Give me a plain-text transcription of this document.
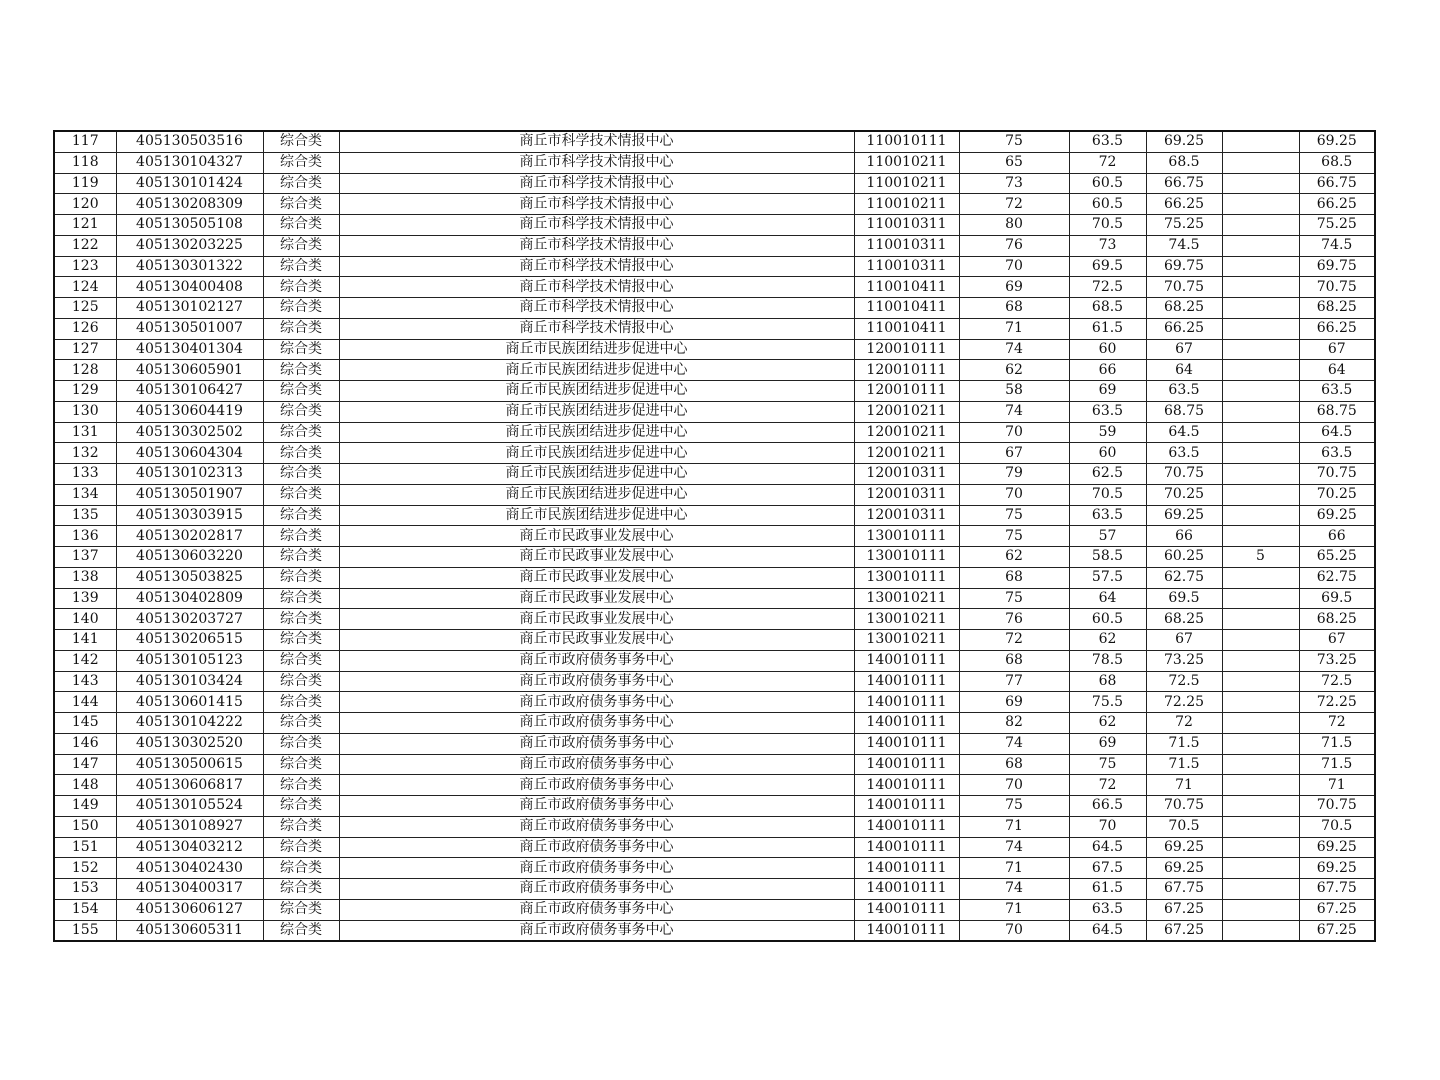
117	405130503516	综合类	商丘市科学技术情报中心	110010111	75	63.5	69.25		69.25
118	405130104327	综合类	商丘市科学技术情报中心	110010211	65	72	68.5		68.5
119	405130101424	综合类	商丘市科学技术情报中心	110010211	73	60.5	66.75		66.75
120	405130208309	综合类	商丘市科学技术情报中心	110010211	72	60.5	66.25		66.25
121	405130505108	综合类	商丘市科学技术情报中心	110010311	80	70.5	75.25		75.25
122	405130203225	综合类	商丘市科学技术情报中心	110010311	76	73	74.5		74.5
123	405130301322	综合类	商丘市科学技术情报中心	110010311	70	69.5	69.75		69.75
124	405130400408	综合类	商丘市科学技术情报中心	110010411	69	72.5	70.75		70.75
125	405130102127	综合类	商丘市科学技术情报中心	110010411	68	68.5	68.25		68.25
126	405130501007	综合类	商丘市科学技术情报中心	110010411	71	61.5	66.25		66.25
127	405130401304	综合类	商丘市民族团结进步促进中心	120010111	74	60	67		67
128	405130605901	综合类	商丘市民族团结进步促进中心	120010111	62	66	64		64
129	405130106427	综合类	商丘市民族团结进步促进中心	120010111	58	69	63.5		63.5
130	405130604419	综合类	商丘市民族团结进步促进中心	120010211	74	63.5	68.75		68.75
131	405130302502	综合类	商丘市民族团结进步促进中心	120010211	70	59	64.5		64.5
132	405130604304	综合类	商丘市民族团结进步促进中心	120010211	67	60	63.5		63.5
133	405130102313	综合类	商丘市民族团结进步促进中心	120010311	79	62.5	70.75		70.75
134	405130501907	综合类	商丘市民族团结进步促进中心	120010311	70	70.5	70.25		70.25
135	405130303915	综合类	商丘市民族团结进步促进中心	120010311	75	63.5	69.25		69.25
136	405130202817	综合类	商丘市民政事业发展中心	130010111	75	57	66		66
137	405130603220	综合类	商丘市民政事业发展中心	130010111	62	58.5	60.25	5	65.25
138	405130503825	综合类	商丘市民政事业发展中心	130010111	68	57.5	62.75		62.75
139	405130402809	综合类	商丘市民政事业发展中心	130010211	75	64	69.5		69.5
140	405130203727	综合类	商丘市民政事业发展中心	130010211	76	60.5	68.25		68.25
141	405130206515	综合类	商丘市民政事业发展中心	130010211	72	62	67		67
142	405130105123	综合类	商丘市政府债务事务中心	140010111	68	78.5	73.25		73.25
143	405130103424	综合类	商丘市政府债务事务中心	140010111	77	68	72.5		72.5
144	405130601415	综合类	商丘市政府债务事务中心	140010111	69	75.5	72.25		72.25
145	405130104222	综合类	商丘市政府债务事务中心	140010111	82	62	72		72
146	405130302520	综合类	商丘市政府债务事务中心	140010111	74	69	71.5		71.5
147	405130500615	综合类	商丘市政府债务事务中心	140010111	68	75	71.5		71.5
148	405130606817	综合类	商丘市政府债务事务中心	140010111	70	72	71		71
149	405130105524	综合类	商丘市政府债务事务中心	140010111	75	66.5	70.75		70.75
150	405130108927	综合类	商丘市政府债务事务中心	140010111	71	70	70.5		70.5
151	405130403212	综合类	商丘市政府债务事务中心	140010111	74	64.5	69.25		69.25
152	405130402430	综合类	商丘市政府债务事务中心	140010111	71	67.5	69.25		69.25
153	405130400317	综合类	商丘市政府债务事务中心	140010111	74	61.5	67.75		67.75
154	405130606127	综合类	商丘市政府债务事务中心	140010111	71	63.5	67.25		67.25
155	405130605311	综合类	商丘市政府债务事务中心	140010111	70	64.5	67.25		67.25
